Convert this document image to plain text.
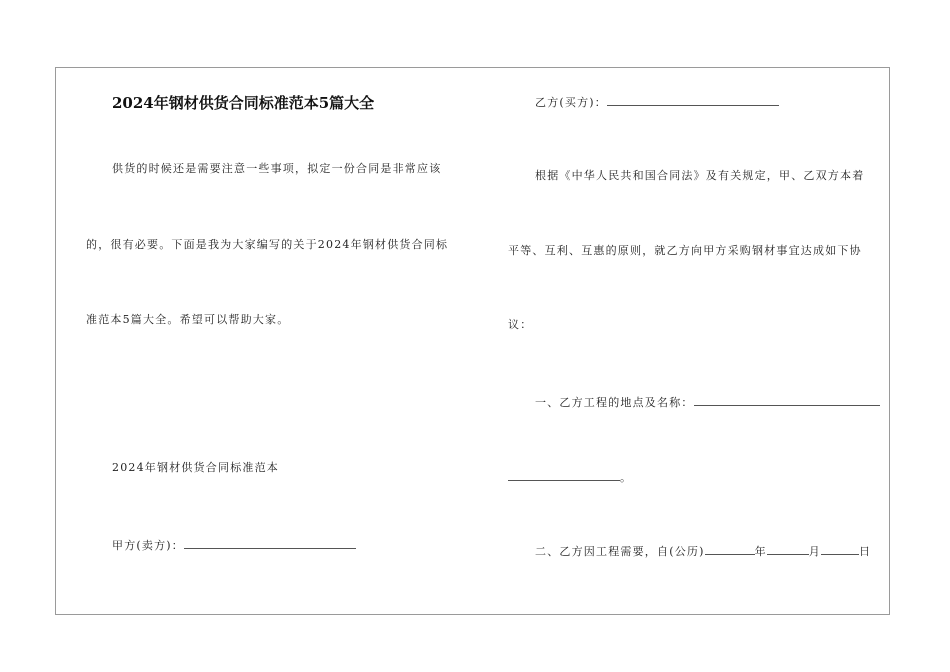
2024年钢材供货合同标准范本5篇大全
供货的时候还是需要注意一些事项，拟定一份合同是非常应该
的，很有必要。下面是我为大家编写的关于2024年钢材供货合同标
准范本5篇大全。希望可以帮助大家。
2024年钢材供货合同标准范本
甲方(卖方)：
乙方(买方)：
根据《中华人民共和国合同法》及有关规定，甲、乙双方本着
平等、互利、互惠的原则，就乙方向甲方采购钢材事宜达成如下协
议：
一、乙方工程的地点及名称：
。
二、乙方因工程需要，自(公历)	年	月	日
